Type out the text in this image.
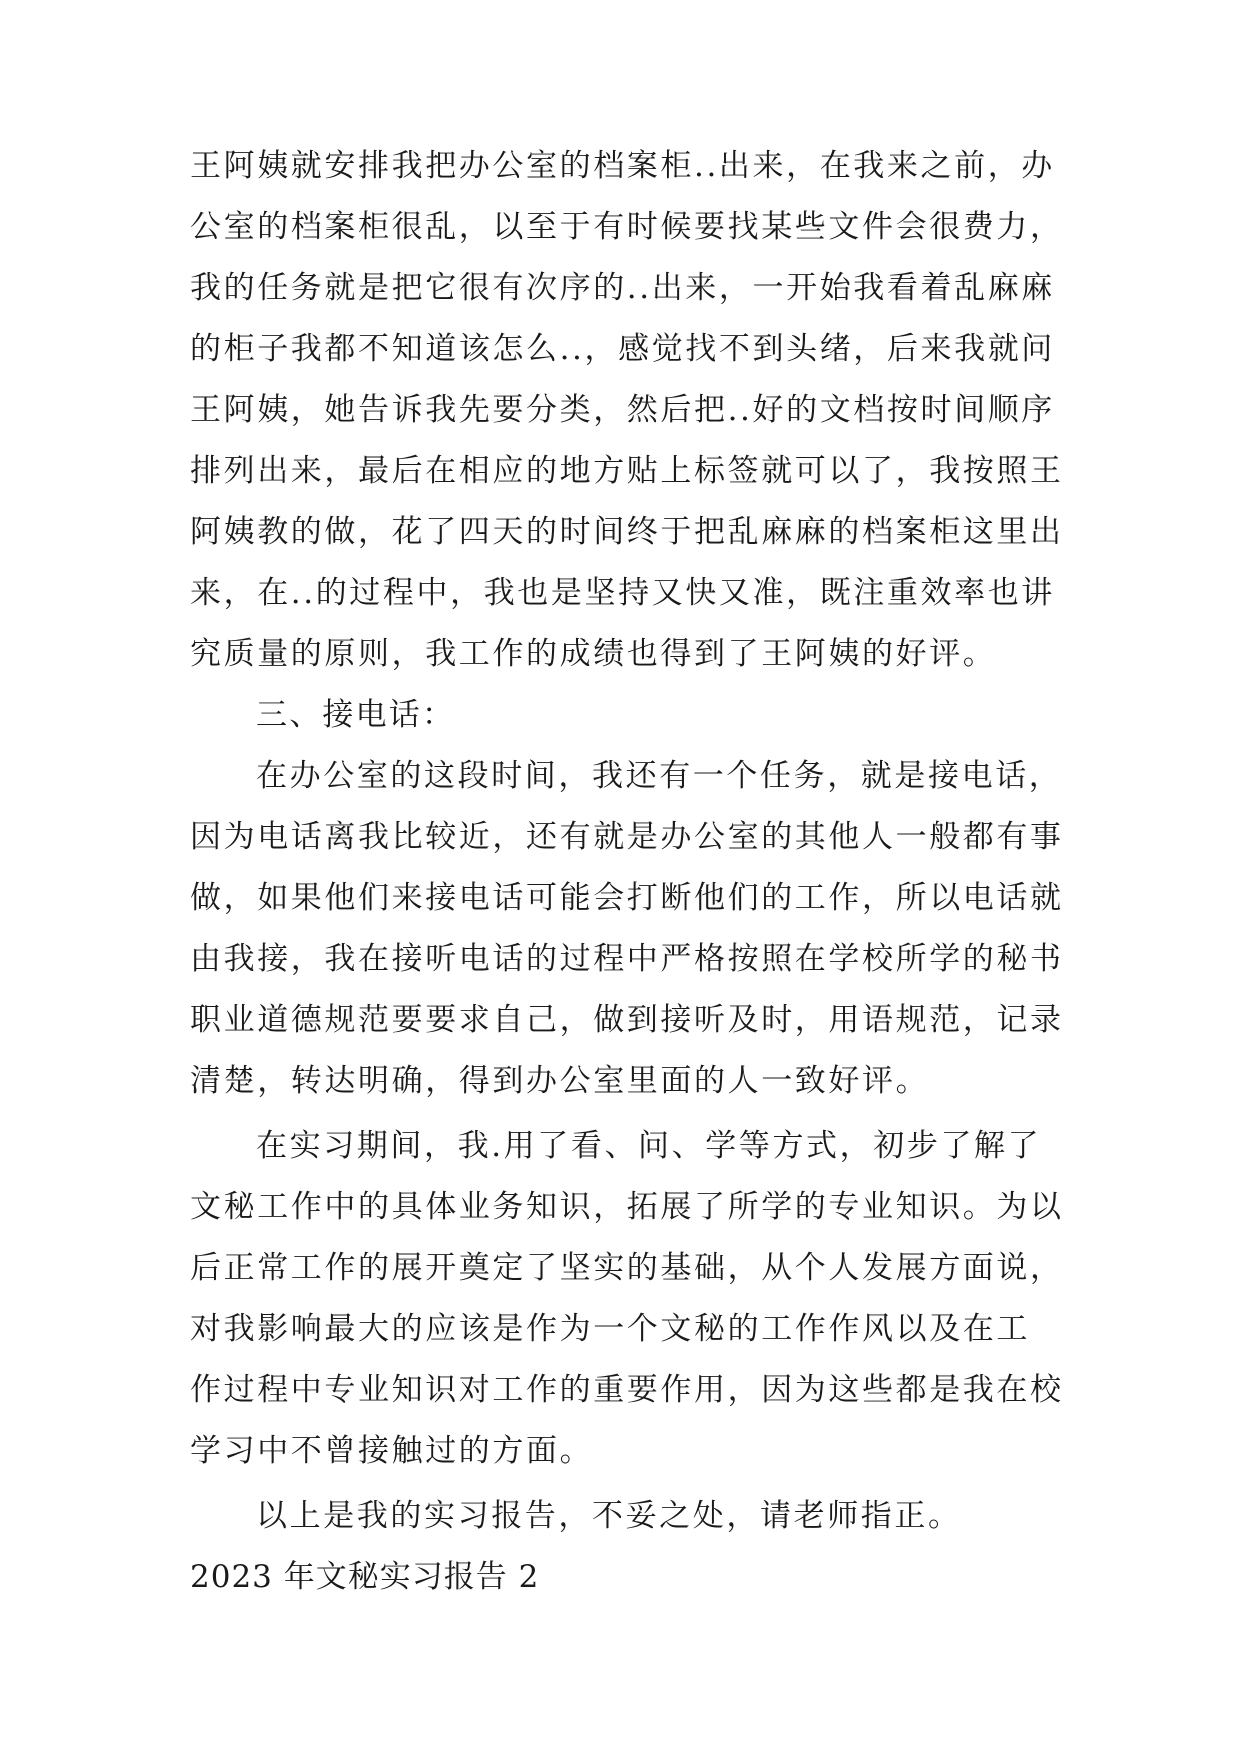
王阿姨就安排我把办公室的档案柜..出来，在我来之前，办
公室的档案柜很乱，以至于有时候要找某些文件会很费力，
我的任务就是把它很有次序的..出来，一开始我看着乱麻麻
的柜子我都不知道该怎么..，感觉找不到头绪，后来我就问
王阿姨，她告诉我先要分类，然后把..好的文档按时间顺序
排列出来，最后在相应的地方贴上标签就可以了，我按照王
阿姨教的做，花了四天的时间终于把乱麻麻的档案柜这里出
来，在..的过程中，我也是坚持又快又准，既注重效率也讲
究质量的原则，我工作的成绩也得到了王阿姨的好评。
三、接电话：
在办公室的这段时间，我还有一个任务，就是接电话，
因为电话离我比较近，还有就是办公室的其他人一般都有事
做，如果他们来接电话可能会打断他们的工作，所以电话就
由我接，我在接听电话的过程中严格按照在学校所学的秘书
职业道德规范要要求自己，做到接听及时，用语规范，记录
清楚，转达明确，得到办公室里面的人一致好评。
在实习期间，我.用了看、问、学等方式，初步了解了
文秘工作中的具体业务知识，拓展了所学的专业知识。为以
后正常工作的展开奠定了坚实的基础，从个人发展方面说，
对我影响最大的应该是作为一个文秘的工作作风以及在工
作过程中专业知识对工作的重要作用，因为这些都是我在校
学习中不曾接触过的方面。
以上是我的实习报告，不妥之处，请老师指正。
2023 年文秘实习报告 2
